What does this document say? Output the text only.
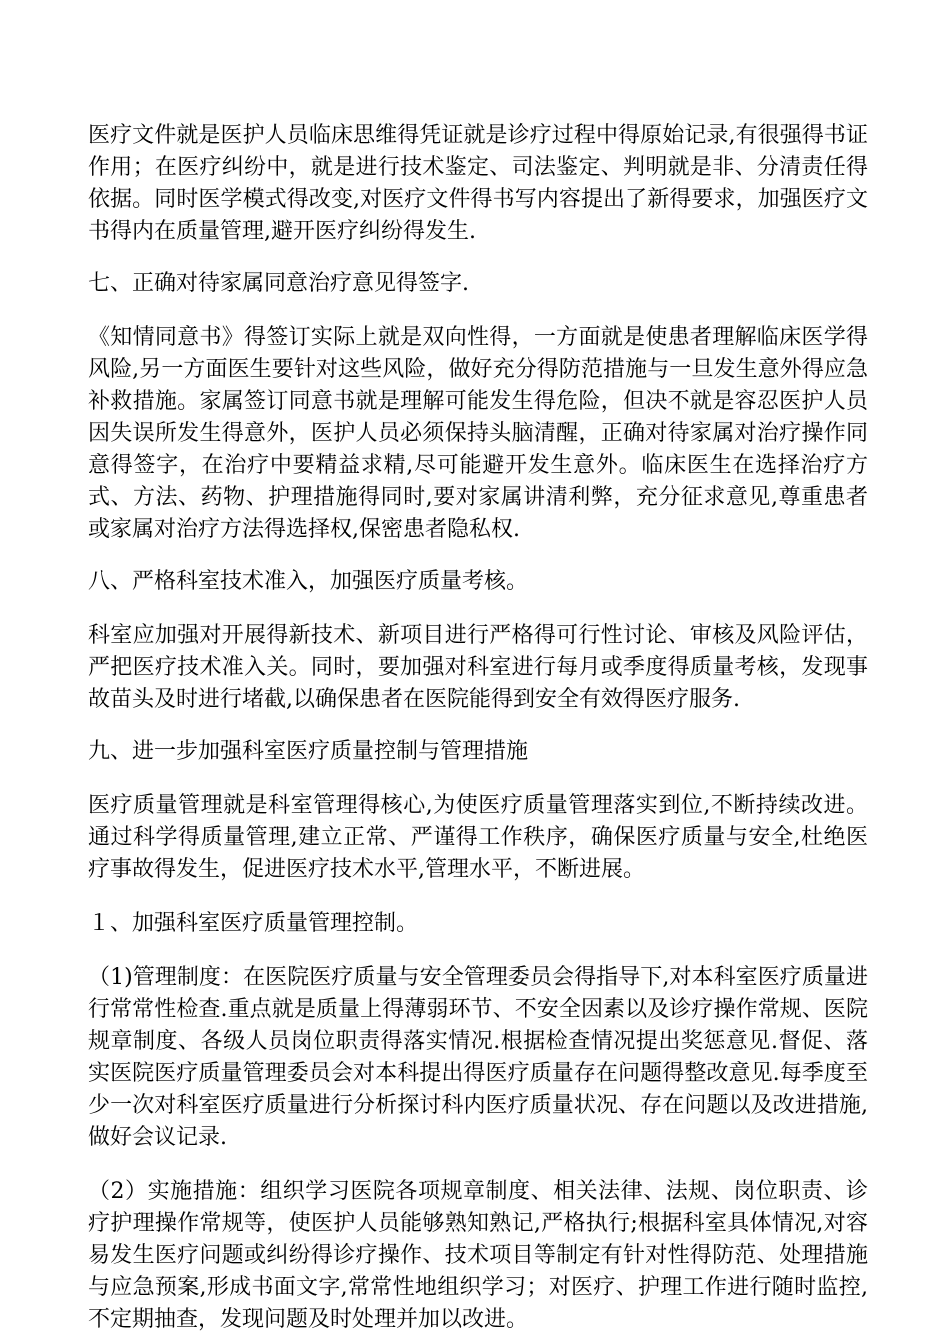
医疗文件就是医护人员临床思维得凭证就是诊疗过程中得原始记录,有很强得书证作用；在医疗纠纷中，就是进行技术鉴定、司法鉴定、判明就是非、分清责任得依据。同时医学模式得改变,对医疗文件得书写内容提出了新得要求，加强医疗文书得内在质量管理,避开医疗纠纷得发生.

七、正确对待家属同意治疗意见得签字.

《知情同意书》得签订实际上就是双向性得，一方面就是使患者理解临床医学得风险,另一方面医生要针对这些风险，做好充分得防范措施与一旦发生意外得应急补救措施。家属签订同意书就是理解可能发生得危险，但决不就是容忍医护人员因失误所发生得意外，医护人员必须保持头脑清醒，正确对待家属对治疗操作同意得签字，在治疗中要精益求精,尽可能避开发生意外。临床医生在选择治疗方式、方法、药物、护理措施得同时,要对家属讲清利弊，充分征求意见,尊重患者或家属对治疗方法得选择权,保密患者隐私权.

八、严格科室技术准入，加强医疗质量考核。

科室应加强对开展得新技术、新项目进行严格得可行性讨论、审核及风险评估，严把医疗技术准入关。同时，要加强对科室进行每月或季度得质量考核，发现事故苗头及时进行堵截,以确保患者在医院能得到安全有效得医疗服务.

九、进一步加强科室医疗质量控制与管理措施

医疗质量管理就是科室管理得核心,为使医疗质量管理落实到位,不断持续改进。通过科学得质量管理,建立正常、严谨得工作秩序，确保医疗质量与安全,杜绝医疗事故得发生，促进医疗技术水平,管理水平，不断进展。

１、加强科室医疗质量管理控制。

（1)管理制度：在医院医疗质量与安全管理委员会得指导下,对本科室医疗质量进行常常性检查.重点就是质量上得薄弱环节、不安全因素以及诊疗操作常规、医院规章制度、各级人员岗位职责得落实情况.根据检查情况提出奖惩意见.督促、落实医院医疗质量管理委员会对本科提出得医疗质量存在问题得整改意见.每季度至少一次对科室医疗质量进行分析探讨科内医疗质量状况、存在问题以及改进措施,做好会议记录.

（2）实施措施：组织学习医院各项规章制度、相关法律、法规、岗位职责、诊疗护理操作常规等，使医护人员能够熟知熟记,严格执行;根据科室具体情况,对容易发生医疗问题或纠纷得诊疗操作、技术项目等制定有针对性得防范、处理措施与应急预案,形成书面文字,常常性地组织学习；对医疗、护理工作进行随时监控,不定期抽查，发现问题及时处理并加以改进。
